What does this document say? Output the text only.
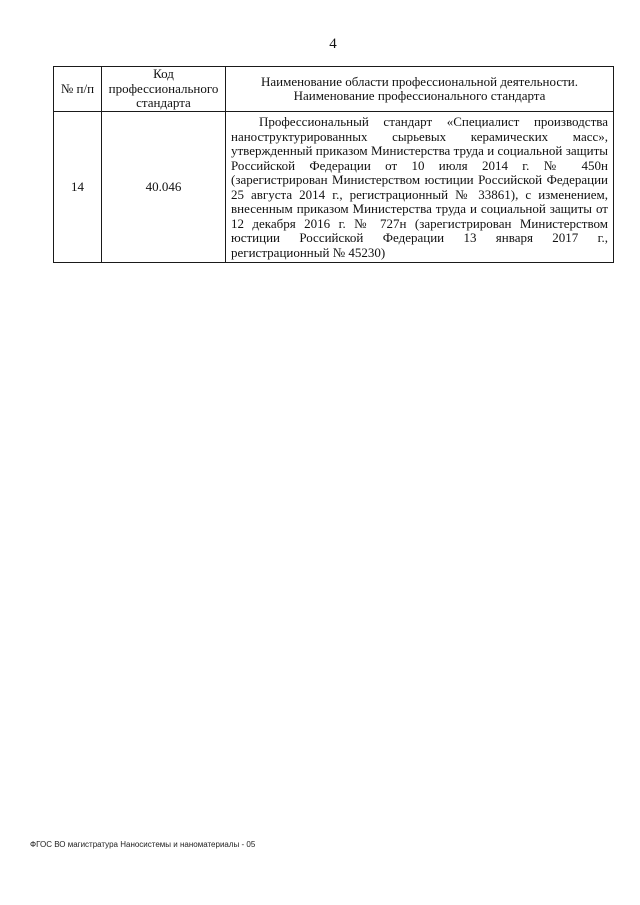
4
№ п/п	Код профессионального стандарта	Наименование области профессиональной деятельности.
Наименование профессионального стандарта

14	40.046	Профессиональный стандарт «Специалист производства наноструктурированных сырьевых керамических масс», утвержденный приказом Министерства труда и социальной защиты Российской Федерации от 10 июля 2014 г. № 450н (зарегистрирован Министерством юстиции Российской Федерации 25 августа 2014 г., регистрационный № 33861), с изменением, внесенным приказом Министерства труда и социальной защиты от 12 декабря 2016 г. № 727н (зарегистрирован Министерством юстиции Российской Федерации 13 января 2017 г., регистрационный № 45230)
ФГОС ВО магистратура Наносистемы и наноматериалы - 05
